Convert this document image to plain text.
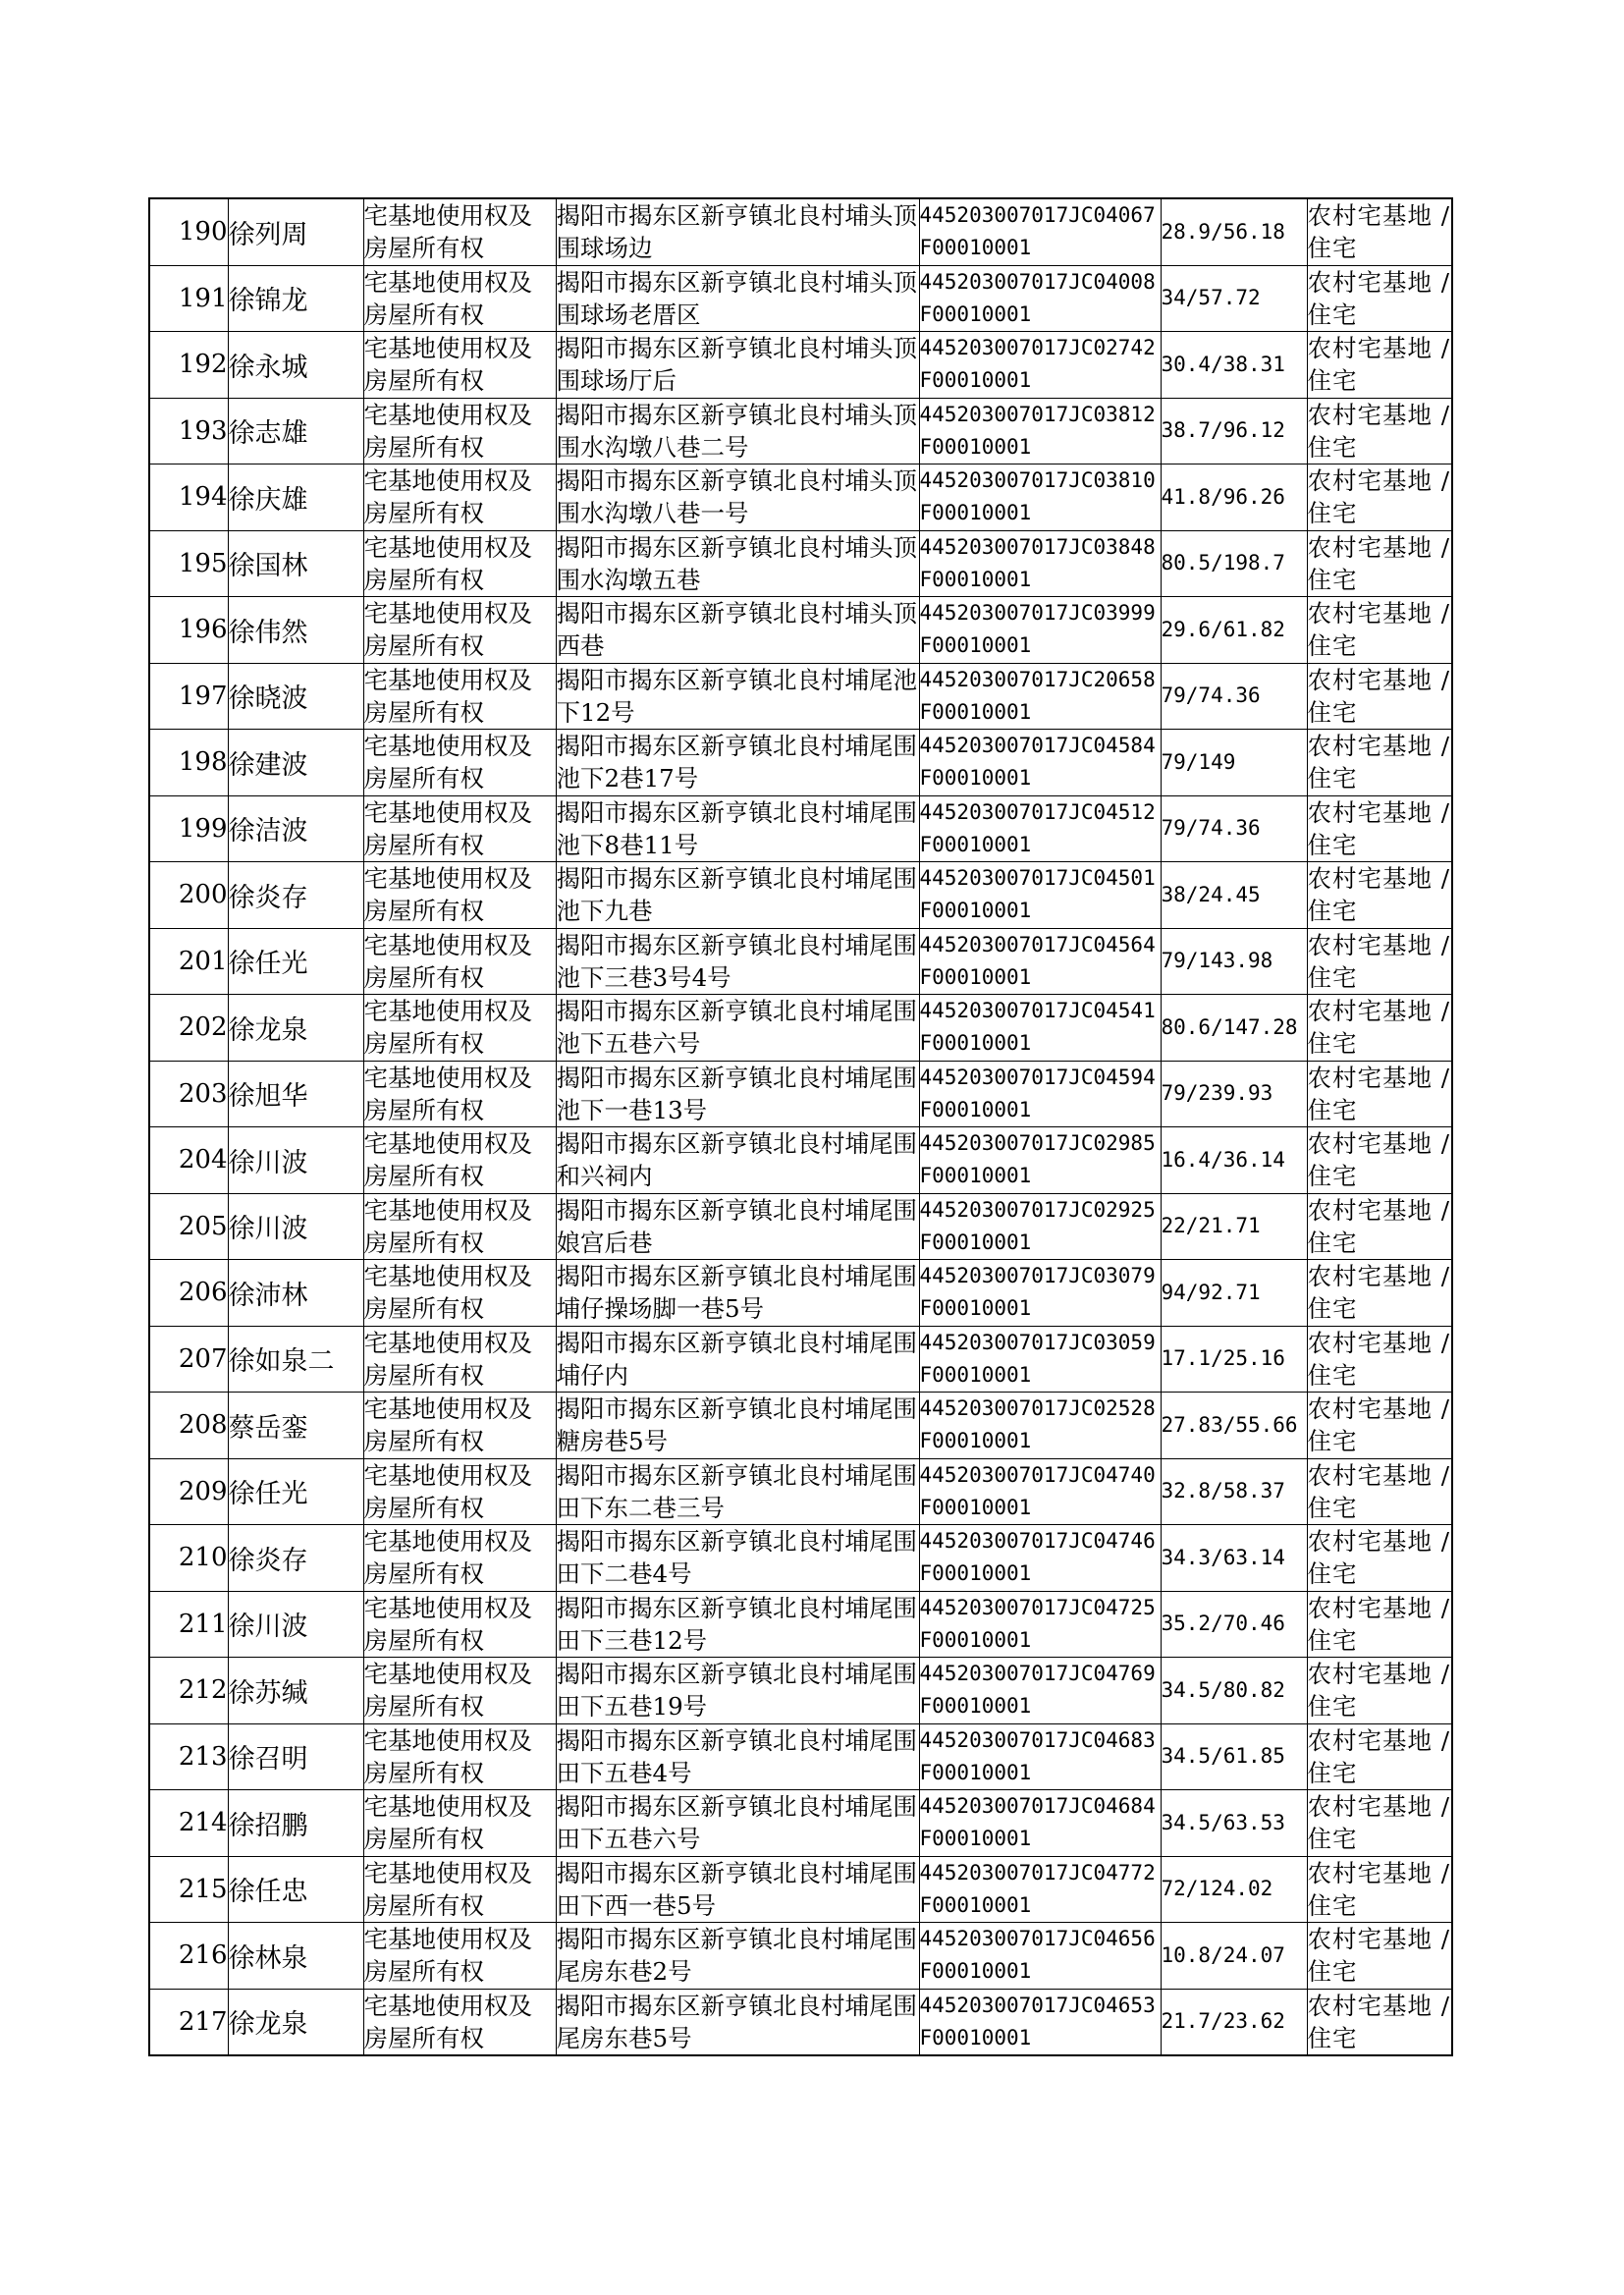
190	徐列周	宅基地使用权及房屋所有权	揭阳市揭东区新亨镇北良村埔头顶围球场边	445203007017JC04067F00010001	28.9/56.18	农村宅基地 / 住宅

191	徐锦龙	宅基地使用权及房屋所有权	揭阳市揭东区新亨镇北良村埔头顶围球场老厝区	445203007017JC04008F00010001	34/57.72	农村宅基地 / 住宅

192	徐永城	宅基地使用权及房屋所有权	揭阳市揭东区新亨镇北良村埔头顶围球场厅后	445203007017JC02742F00010001	30.4/38.31	农村宅基地 / 住宅

193	徐志雄	宅基地使用权及房屋所有权	揭阳市揭东区新亨镇北良村埔头顶围水沟墩八巷二号	445203007017JC03812F00010001	38.7/96.12	农村宅基地 / 住宅

194	徐庆雄	宅基地使用权及房屋所有权	揭阳市揭东区新亨镇北良村埔头顶围水沟墩八巷一号	445203007017JC03810F00010001	41.8/96.26	农村宅基地 / 住宅

195	徐国林	宅基地使用权及房屋所有权	揭阳市揭东区新亨镇北良村埔头顶围水沟墩五巷	445203007017JC03848F00010001	80.5/198.7	农村宅基地 / 住宅

196	徐伟然	宅基地使用权及房屋所有权	揭阳市揭东区新亨镇北良村埔头顶西巷	445203007017JC03999F00010001	29.6/61.82	农村宅基地 / 住宅

197	徐晓波	宅基地使用权及房屋所有权	揭阳市揭东区新亨镇北良村埔尾池下12号	445203007017JC20658F00010001	79/74.36	农村宅基地 / 住宅

198	徐建波	宅基地使用权及房屋所有权	揭阳市揭东区新亨镇北良村埔尾围池下2巷17号	445203007017JC04584F00010001	79/149	农村宅基地 / 住宅

199	徐洁波	宅基地使用权及房屋所有权	揭阳市揭东区新亨镇北良村埔尾围池下8巷11号	445203007017JC04512F00010001	79/74.36	农村宅基地 / 住宅

200	徐炎存	宅基地使用权及房屋所有权	揭阳市揭东区新亨镇北良村埔尾围池下九巷	445203007017JC04501F00010001	38/24.45	农村宅基地 / 住宅

201	徐任光	宅基地使用权及房屋所有权	揭阳市揭东区新亨镇北良村埔尾围池下三巷3号4号	445203007017JC04564F00010001	79/143.98	农村宅基地 / 住宅

202	徐龙泉	宅基地使用权及房屋所有权	揭阳市揭东区新亨镇北良村埔尾围池下五巷六号	445203007017JC04541F00010001	80.6/147.28	农村宅基地 / 住宅

203	徐旭华	宅基地使用权及房屋所有权	揭阳市揭东区新亨镇北良村埔尾围池下一巷13号	445203007017JC04594F00010001	79/239.93	农村宅基地 / 住宅

204	徐川波	宅基地使用权及房屋所有权	揭阳市揭东区新亨镇北良村埔尾围和兴祠内	445203007017JC02985F00010001	16.4/36.14	农村宅基地 / 住宅

205	徐川波	宅基地使用权及房屋所有权	揭阳市揭东区新亨镇北良村埔尾围娘宫后巷	445203007017JC02925F00010001	22/21.71	农村宅基地 / 住宅

206	徐沛林	宅基地使用权及房屋所有权	揭阳市揭东区新亨镇北良村埔尾围埔仔操场脚一巷5号	445203007017JC03079F00010001	94/92.71	农村宅基地 / 住宅

207	徐如泉二	宅基地使用权及房屋所有权	揭阳市揭东区新亨镇北良村埔尾围埔仔内	445203007017JC03059F00010001	17.1/25.16	农村宅基地 / 住宅

208	蔡岳銮	宅基地使用权及房屋所有权	揭阳市揭东区新亨镇北良村埔尾围糖房巷5号	445203007017JC02528F00010001	27.83/55.66	农村宅基地 / 住宅

209	徐任光	宅基地使用权及房屋所有权	揭阳市揭东区新亨镇北良村埔尾围田下东二巷三号	445203007017JC04740F00010001	32.8/58.37	农村宅基地 / 住宅

210	徐炎存	宅基地使用权及房屋所有权	揭阳市揭东区新亨镇北良村埔尾围田下二巷4号	445203007017JC04746F00010001	34.3/63.14	农村宅基地 / 住宅

211	徐川波	宅基地使用权及房屋所有权	揭阳市揭东区新亨镇北良村埔尾围田下三巷12号	445203007017JC04725F00010001	35.2/70.46	农村宅基地 / 住宅

212	徐苏缄	宅基地使用权及房屋所有权	揭阳市揭东区新亨镇北良村埔尾围田下五巷19号	445203007017JC04769F00010001	34.5/80.82	农村宅基地 / 住宅

213	徐召明	宅基地使用权及房屋所有权	揭阳市揭东区新亨镇北良村埔尾围田下五巷4号	445203007017JC04683F00010001	34.5/61.85	农村宅基地 / 住宅

214	徐招鹏	宅基地使用权及房屋所有权	揭阳市揭东区新亨镇北良村埔尾围田下五巷六号	445203007017JC04684F00010001	34.5/63.53	农村宅基地 / 住宅

215	徐任忠	宅基地使用权及房屋所有权	揭阳市揭东区新亨镇北良村埔尾围田下西一巷5号	445203007017JC04772F00010001	72/124.02	农村宅基地 / 住宅

216	徐林泉	宅基地使用权及房屋所有权	揭阳市揭东区新亨镇北良村埔尾围尾房东巷2号	445203007017JC04656F00010001	10.8/24.07	农村宅基地 / 住宅

217	徐龙泉	宅基地使用权及房屋所有权	揭阳市揭东区新亨镇北良村埔尾围尾房东巷5号	445203007017JC04653F00010001	21.7/23.62	农村宅基地 / 住宅
